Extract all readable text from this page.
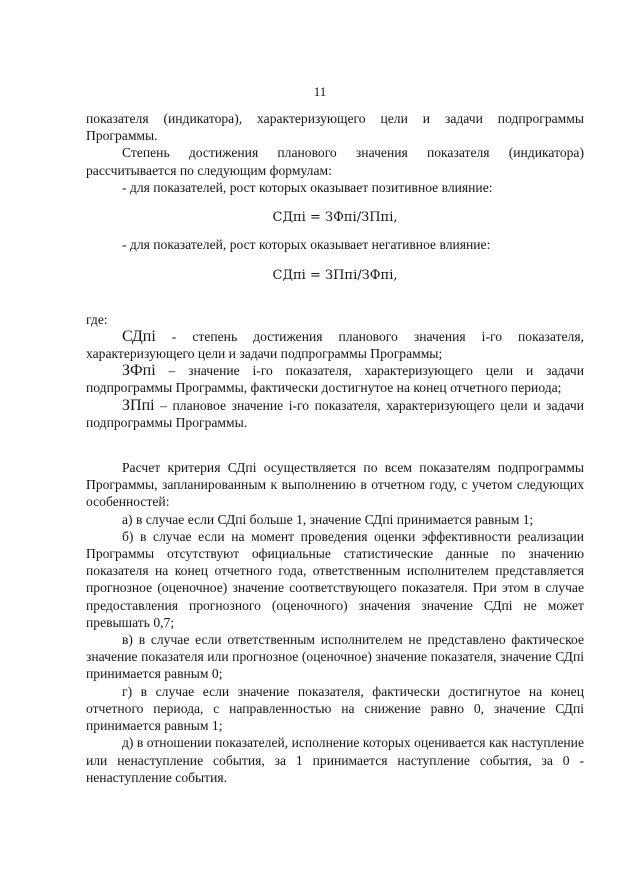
11

показателя (индикатора), характеризующего цели и задачи подпрограммы Программы.

Степень достижения планового значения показателя (индикатора) рассчитывается по следующим формулам:

- для показателей, рост которых оказывает позитивное влияние:

СДпi = ЗФпi/ЗПпi,

- для показателей, рост которых оказывает негативное влияние:

СДпi = ЗПпi/ЗФпi,

где:

СДпi - степень достижения планового значения i-го показателя, характеризующего цели и задачи подпрограммы Программы;

ЗФпi – значение i-го показателя, характеризующего цели и задачи подпрограммы Программы, фактически достигнутое на конец отчетного периода;

ЗПпi – плановое значение i-го показателя, характеризующего цели и задачи подпрограммы Программы.

Расчет критерия СДпi осуществляется по всем показателям подпрограммы Программы, запланированным к выполнению в отчетном году, с учетом следующих особенностей:

а) в случае если СДпi больше 1, значение СДпi принимается равным 1;

б) в случае если на момент проведения оценки эффективности реализации Программы отсутствуют официальные статистические данные по значению показателя на конец отчетного года, ответственным исполнителем представляется прогнозное (оценочное) значение соответствующего показателя. При этом в случае предоставления прогнозного (оценочного) значения значение СДпi не может превышать 0,7;

в) в случае если ответственным исполнителем не представлено фактическое значение показателя или прогнозное (оценочное) значение показателя, значение СДпi принимается равным 0;

г) в случае если значение показателя, фактически достигнутое на конец отчетного периода, с направленностью на снижение равно 0, значение СДпi принимается равным 1;

д) в отношении показателей, исполнение которых оценивается как наступление или ненаступление события, за 1 принимается наступление события, за 0 - ненаступление события.
